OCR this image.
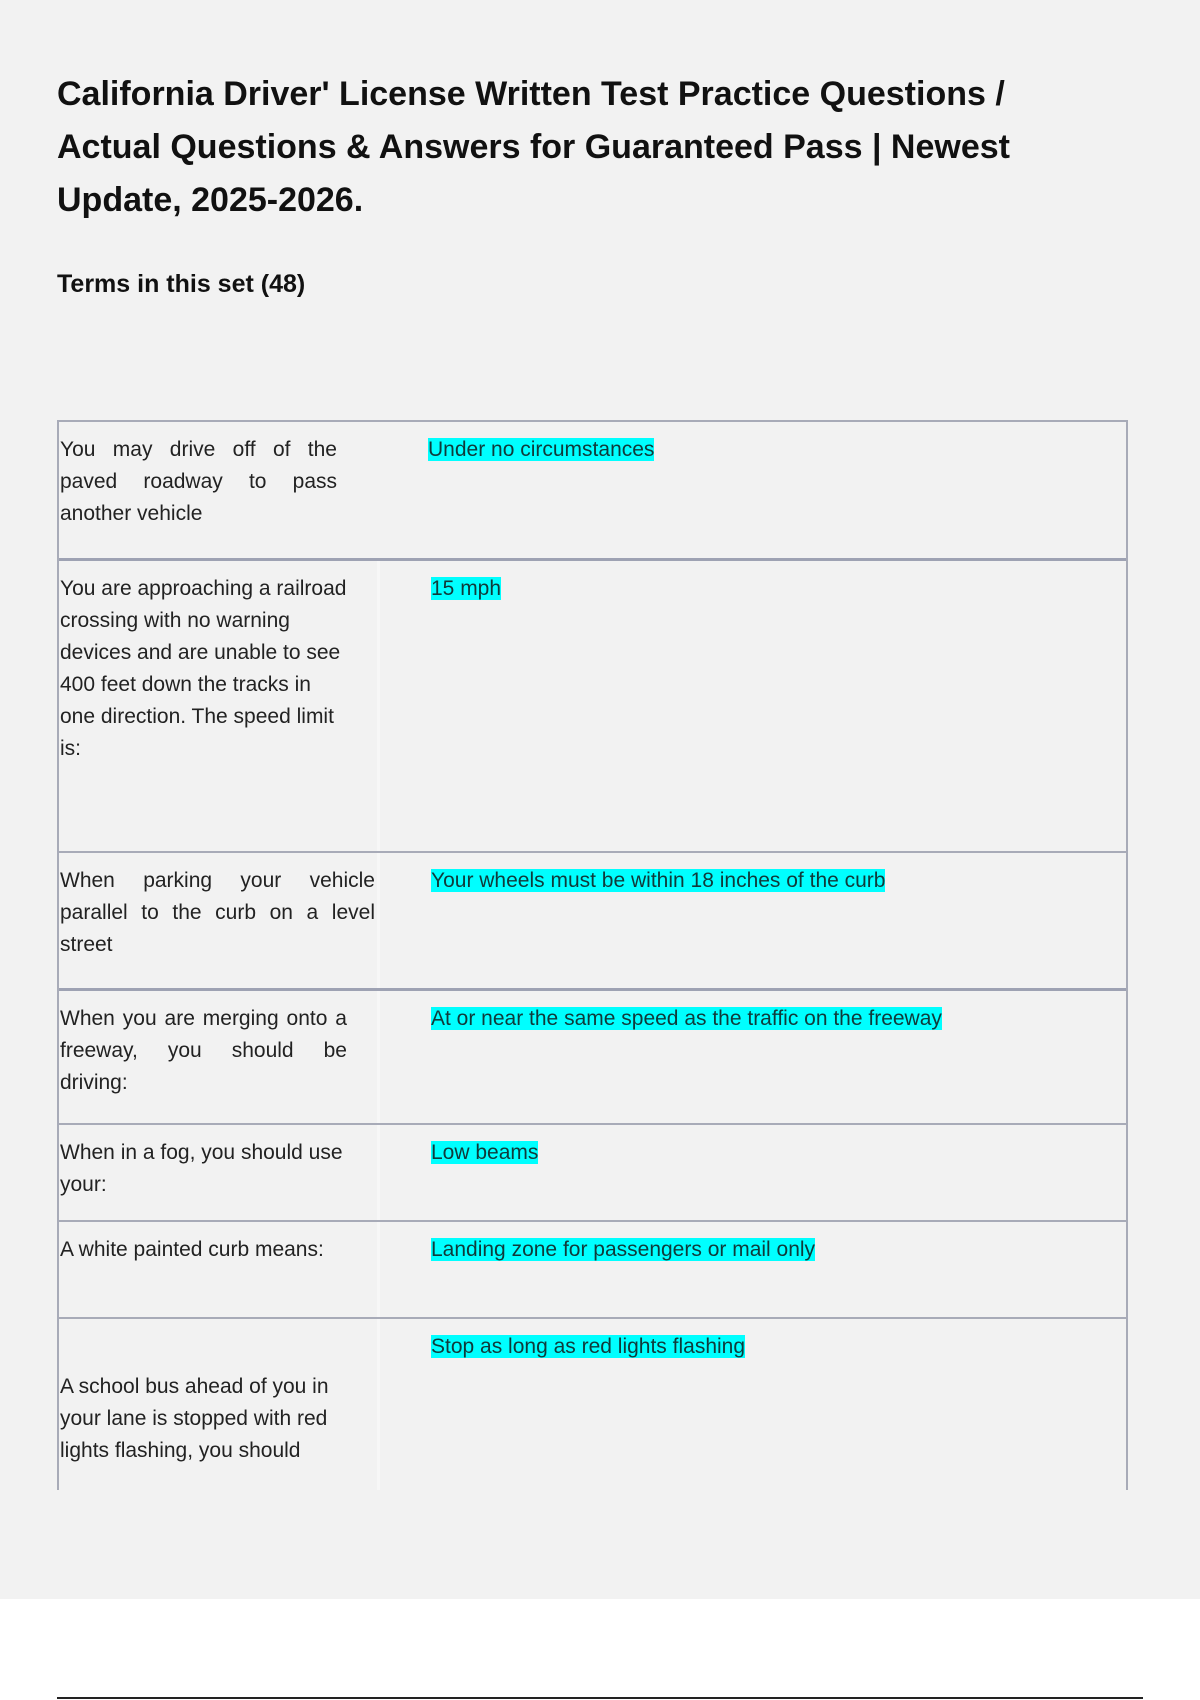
California Driver' License Written Test Practice Questions / Actual Questions & Answers for Guaranteed Pass | Newest Update, 2025-2026.
Terms in this set (48)
You may drive off of the paved roadway to pass another vehicle
Under no circumstances
You are approaching a railroad crossing with no warning devices and are unable to see 400 feet down the tracks in one direction. The speed limit is:
15 mph
When parking your vehicle parallel to the curb on a level street
Your wheels must be within 18 inches of the curb
When you are merging onto a freeway, you should be driving:
At or near the same speed as the traffic on the freeway
When in a fog, you should use your:
Low beams
A white painted curb means:	Landing zone for passengers or mail only
A school bus ahead of you in your lane is stopped with red lights flashing, you should
Stop as long as red lights flashing
